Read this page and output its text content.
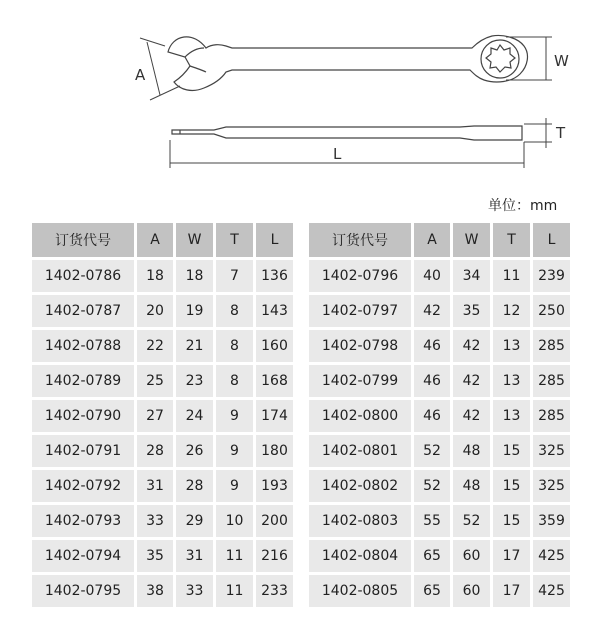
A
W
T
L
单位：mm
订货代号	A	W	T	L
1402-0786	18	18	7	136
1402-0787	20	19	8	143
1402-0788	22	21	8	160
1402-0789	25	23	8	168
1402-0790	27	24	9	174
1402-0791	28	26	9	180
1402-0792	31	28	9	193
1402-0793	33	29	10	200
1402-0794	35	31	11	216
1402-0795	38	33	11	233
订货代号	A	W	T	L
1402-0796	40	34	11	239
1402-0797	42	35	12	250
1402-0798	46	42	13	285
1402-0799	46	42	13	285
1402-0800	46	42	13	285
1402-0801	52	48	15	325
1402-0802	52	48	15	325
1402-0803	55	52	15	359
1402-0804	65	60	17	425
1402-0805	65	60	17	425
